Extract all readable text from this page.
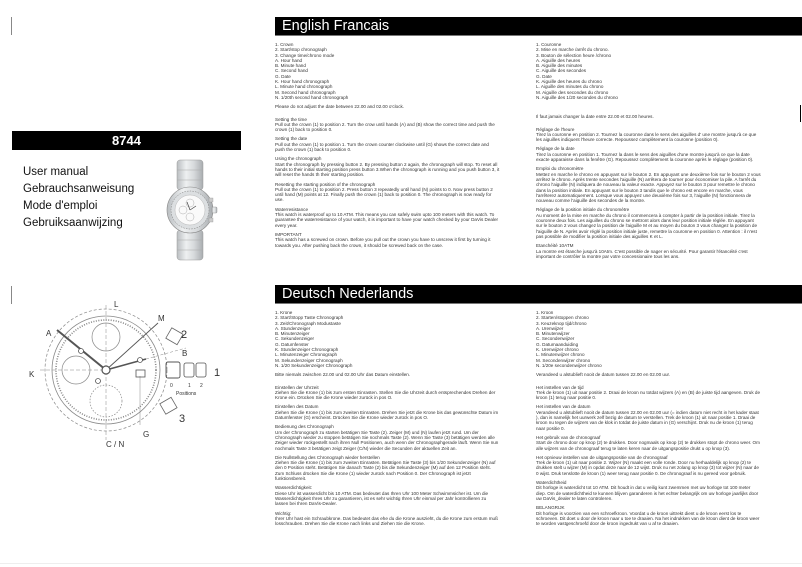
8744
User manual
Gebrauchsanweisung
Mode d'emploi
Gebruiksaanwijzing
L
M
A
B
K
G
C / N
2
1
3
0	1 2
Positions
English Francais
1. Crown
2. Start/stop chronograph
3. Change time/chrono mode
A. Hour hand
B. Minute hand
C. Second hand
G. Date
K. Hour hand chronograph
L. Minute hand chronograph
M. Second hand chronograph
N. 1/20th second hand chronograph
Please do not adjust the date between 22.00 and 02.00 o'clock.
Setting the time
Pull out the crown (1) to position 2. Turn the crow until hands (A) and (B) show the correct time and push the crown (1) back to position 0.
Setting the date
Pull out the crown (1) to position 1. Turn the crown counter clockwise until (G) shows the correct date and push the crown (1) back to position 0.
Using the chronograph
Start the chronograph by pressing button 2. By pressing button 2 again, the chronograph will stop. To reset all hands to their initial starting position press button 3.When the chronograph is running and you push button 3, it will reset the hands th their starting position.
Resetting the starting position of the chronograph
Pull out the crown (1) to position 2. Press button 3 repeatedly until hand (N) points to 0. Now press button 2 until hand (M) points at 12. Finally push the crown (1) back to position 0. The chronograph is now ready for use.
Waterresistance
This watch is waterproof up to 10 ATM. This means you can safely swim upto 100 meters with this watch. To guarantee the waterresistance of your watch, it is important to have your watch checked by your DaVis Dealer every year.
IMPORTANT
This watch has a screwed on crown. Before you pull out the crown you have to unscrew it first by turning it towards you. After pushing back the crown, it should be screwed back on the case.
1. Couronne
2. Mise en marche /arrêt du chrono.
3. Bouton de sélection heure /chrono
A. Aiguille des heures
B. Aiguille des minutes
C. Aiguille des secondes
G. Date
K. Aiguille des heures du chrono
L. Aiguille des minutes du chrono
M. Aiguille des secondes du chrono
N. Aiguille des 1/20 secondes du chrono
Il faut jamais changer la date entre 22.00 et 02.00 heures.
Réglage de l'heure
Tirez la couronne en position 2. Tournez la couronne dans le sens des aiguilles d' une montre jusqu'à ce que les aiguilles indiquent l'heure correcte. Repoussez complètement la couronne (position 0).
Réglage de la date
Tirez la couronne en position 1. Tournez la dans le sens des aiguilles d'une montre jusqu'à ce que la date exacte apparaisse dans la fenêtre (G). Repoussez complètement la couronne après le réglage (position 0).
Emploi du chronomètre
Mettez en marche le chrono en appuyant sur le bouton 2. En appuyant une deuxième fois sur le bouton 2 vous arrêtez le chrono. Après trente secondes l'aiguille (N) arrêtera de tourner pour économiser la pile. A l'arrêt du chrono l'aiguille (N) indiquera de nouveau la valeur exacte. Appuyez sur le bouton 3 pour remettre le chrono dans la position initiale. En appuyant sur le bouton 3 tandis que le chrono est encore en marche, vous l'arrêterez automatiquement. Lorsque vous appuyez une deuxième fois sur 3, l'aiguille (N) fonctionnera de nouveau comme l'aiguille des secondes de la montre.
Réglage de la position initiale du chronomètre
Au moment de la mise en marche du chrono il commencera à compter à partir de la position initiale. Tirez la couronne deux fois. Les aiguilles du chrono se mettront alors dans leur position initiale réglée. En appuyant sur le bouton 2 vous changez la position de l'aiguille M et au moyen du bouton 3 vous changez la position de l'aiguille de N. Après avoir réglé la position initiale juste, remettre la couronne en position 0. Attention : il n'est pas possible de modifier la position initiale des aiguilles K et L.
Etanchéité 10ATM
La montre est étanche jusqu'à 10Atm. C'est possible de nager en sécurité. Pour garantir l'étancéité c'est important de contrôler la montre par votre concessionaire tous les ans.
Deutsch Nederlands
1. Krone
2. Start/Stopp Taste Chronograph
3. Zeit/Chronograph Modustaste
A. Stundenzeiger
B. Minutenzeiger
C. Sekundenzeiger
G. Datumfenster
K. Stundenzeiger Chronograph
L. Minutenzeiger Chronograph
M. Sekundenzeiger Chronograph
N. 1/20 Sekundenzeiger Chronograph
Bitte niemals zwischen 22.00 und 02.00 Uhr das Datum einstellen.
Einstellen der Uhrzeit
Ziehen Sie die Krone (1) bis zum ersten Einrasten. Stellen Sie die Uhrzeit durch entsprechendes Drehen der Krone ein. Drücken Sie die Krone wieder zurück in pos O.
Einstellen des Datum
Ziehen Sie die Krone (1) bis zum zweiten Einrasten. Drehen Sie jetzt die Krone bis das gewünschte Datum im Datumfenster (G) erscheint. Drücken Sie die Krone wieder zurück in pos O.
Bedienung des Chronograph
Um der Chronograph zu starten betätigen Sie Taste (2). Zeiger (M) und (N) laufen jetzt rund. Um der Chronograph wieder zu stoppen betätigen Sie nochmals Taste (2). Wenn Sie Taste (3) betätigen werden alle Zeiger wieder rückgestellt nach ihren Null Positionen, auch wenn der Chronographgerade läuft. Wenn Sie nun nochmals Taste 3 betätigen zeigt Zeiger (C/N) wieder die Secunden der aktuellen Zeit an.
Die Nullstellung des Chronograph wieder herstellen
Ziehen Sie die Krone (1) bis zum zweiten Einrasten. Betätigen Sie Taste (3) bis 1/20 Sekundenzeiger (N) auf den 0 Position steht. Betätigen Sie danach Taste (2) bis die Sekundenzeiger (M) auf den 12 Position steht. Zum Schluss drücken Sie die Krone (1) wieder zurück nach Position 0. Der Chronograph ist jetzt funktionsbereit.
Wasserdichtigkeit:
Diese Uhr ist wasserdicht bis 10 ATM. Das bedeutet das Ihren Uhr 100 Meter Schwimmsicher ist. Um die Wasserdichtigkeit Ihres Uhr zu garantieren, ist es sehr wichtig Ihren Uhr einmal per Jahr kontrollieren zu lassen bei Ihren DaVis-Dealer.
Wichtig:
Ihrer Uhr hast ein Schraubkrone. Das bedeutet das ehe du die Krone auszieht, du die Krone zum erstum muß losschrauben. Drehen Sie die Krone nach links und Ziehen Sie die Krone.
1. Kroon
2. Starten/stoppen chrono
3. Keuzeknop tijd/chrono
A. Urenwijzer
B. Minutenwijzer
C. Secondenwijzer
G. Datumaanduiding
K. Urenwijzer chrono
L. Minutenwijzer chrono
M. Secondenwijzer chrono
N. 1/20e secondenwijzer chrono
Verandeed u alstublieft nooit de datum tussen 22.00 en 02.00 uur.
Het instellen van de tijd
Trek de kroon (1) uit naar positie 2. Draai de kroon nu totdat wijzers (A) en (B) de juiste tijd aangeven. Druk de kroon (1) terug naar positie 0.
Het instellen van de datum
Verandeed u alstublieft nooit de datum tussen 22.00 en 02.00 uur (= indien datum niet recht in het kader staat ), dan is namelijk het uurwerk zelf bezig de datum te verstellen. Trek de kroon (1) uit naar positie 1. Draai de kroon nu tegen de wijzers van de klok in totdat de juiste datum in (G) verschijnt. Druk nu de kroon (1) terug naar positie 0.
Het gebruik van de chronograaf
Start de chrono door op knop (2) te drukken. Door nogmaals op knop (2) te drukken stopt de chrono weer. Om alle wijzers van de chronograaf terug te laten keren naar de uitgangspositie drukt u op knop (3).
Het opnieuw instellen van de uitgangspositie van de chronograaf
Trek de kroon (1) uit naar positie 2. Wijzer (N) maakt een volle ronde. Door nu herhaaldelijk op knop (2) te drukken stelt u wijzer (M) in opdat deze naar de 12 wijst. Druk nu net zolang op knop (3) tot wijzer (N) naar de 0 wijst. Druk tenslotte de kroon (1) weer terug naar positie 0. De chronograaf is nu gereed voor gebruik.
Waterdichtheid
Dit horloge is waterdicht tot 10 ATM. Dit houdt in dat u veilig kunt zwemmen met uw horloge tot 100 meter diep. Om de waterdichtheid te kunnen blijven garanderen is het echter belangrijk om uw horloge jaarlijks door uw DaVis_dealer te laten controleren.
BELANGRIJK
Dit horloge is voorzien van een schroefkroon. Voordat u de kroon uittrekt dient u de kroon eerst los te schroeven. Dit doet u door de kroon naar u toe te draaien. Na het indrukken van de kroon dient de kroon weer te worden vastgeschroefd door de kroon ingedrukt van u af te draaien.
